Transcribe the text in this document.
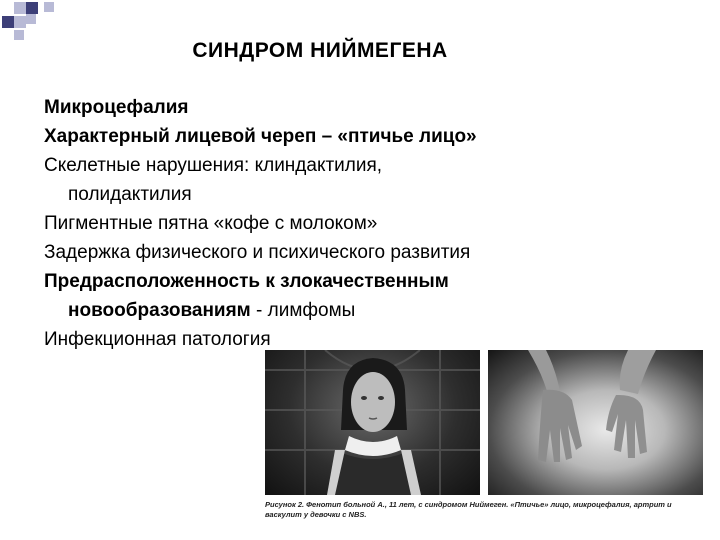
СИНДРОМ НИЙМЕГЕНА
Микроцефалия
Характерный лицевой череп – «птичье лицо»
Скелетные нарушения: клиндактилия,
полидактилия
Пигментные пятна «кофе с молоком»
Задержка физического и психического развития
Предрасположенность к злокачественным
новообразованиям - лимфомы
Инфекционная патология
Рисунок 2. Фенотип больной А., 11 лет, с синдромом Ниймеген. «Птичье» лицо, микроцефалия, артрит и васкулит у девочки с NBS.
